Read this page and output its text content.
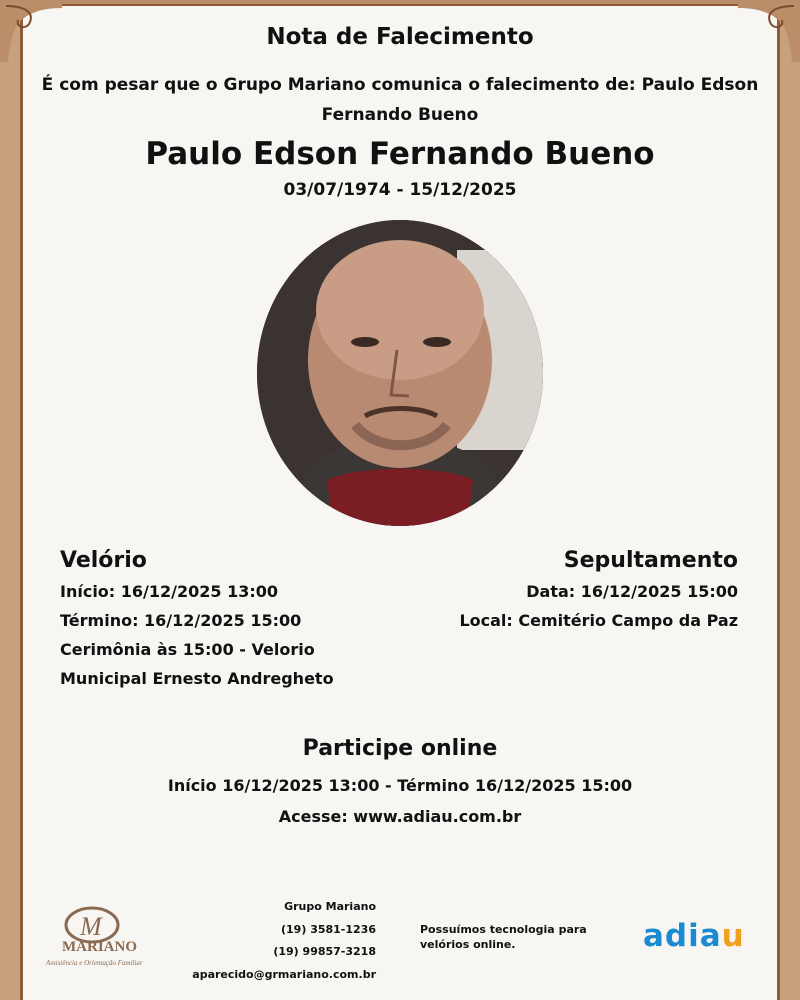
Nota de Falecimento
É com pesar que o Grupo Mariano comunica o falecimento de: Paulo Edson Fernando Bueno
Paulo Edson Fernando Bueno
03/07/1974 - 15/12/2025
Velório
Início: 16/12/2025 13:00
Término: 16/12/2025 15:00
Cerimônia às 15:00 - Velorio
Municipal Ernesto Andregheto
Sepultamento
Data: 16/12/2025 15:00
Local: Cemitério Campo da Paz
Participe online
Início 16/12/2025 13:00 - Término 16/12/2025 15:00
Acesse: www.adiau.com.br
M
MARIANO
Assistência e Orientação Familiar
Grupo Mariano
(19) 3581-1236
(19) 99857-3218
aparecido@grmariano.com.br
Possuímos tecnologia para velórios online.	adiau
